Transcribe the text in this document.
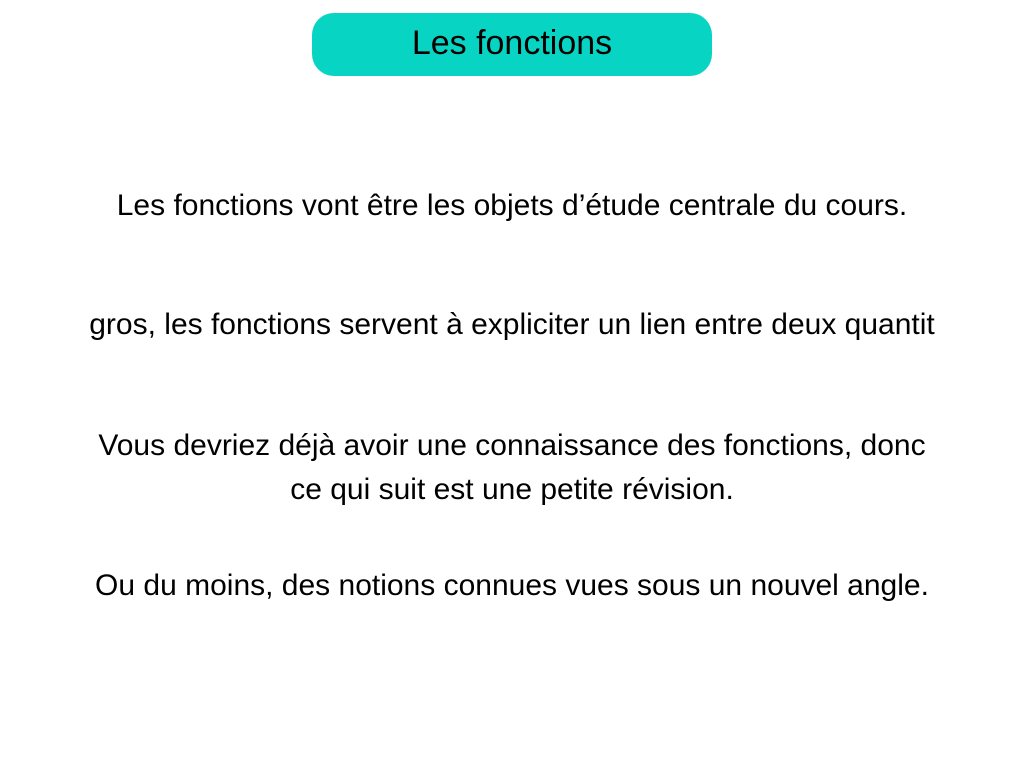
Les fonctions
Les fonctions vont être les objets d’étude centrale du cours.
gros, les fonctions servent à expliciter un lien entre deux quantit
Vous devriez déjà avoir une connaissance des fonctions, donc
ce qui suit est une petite révision.
Ou du moins, des notions connues vues sous un nouvel angle.
